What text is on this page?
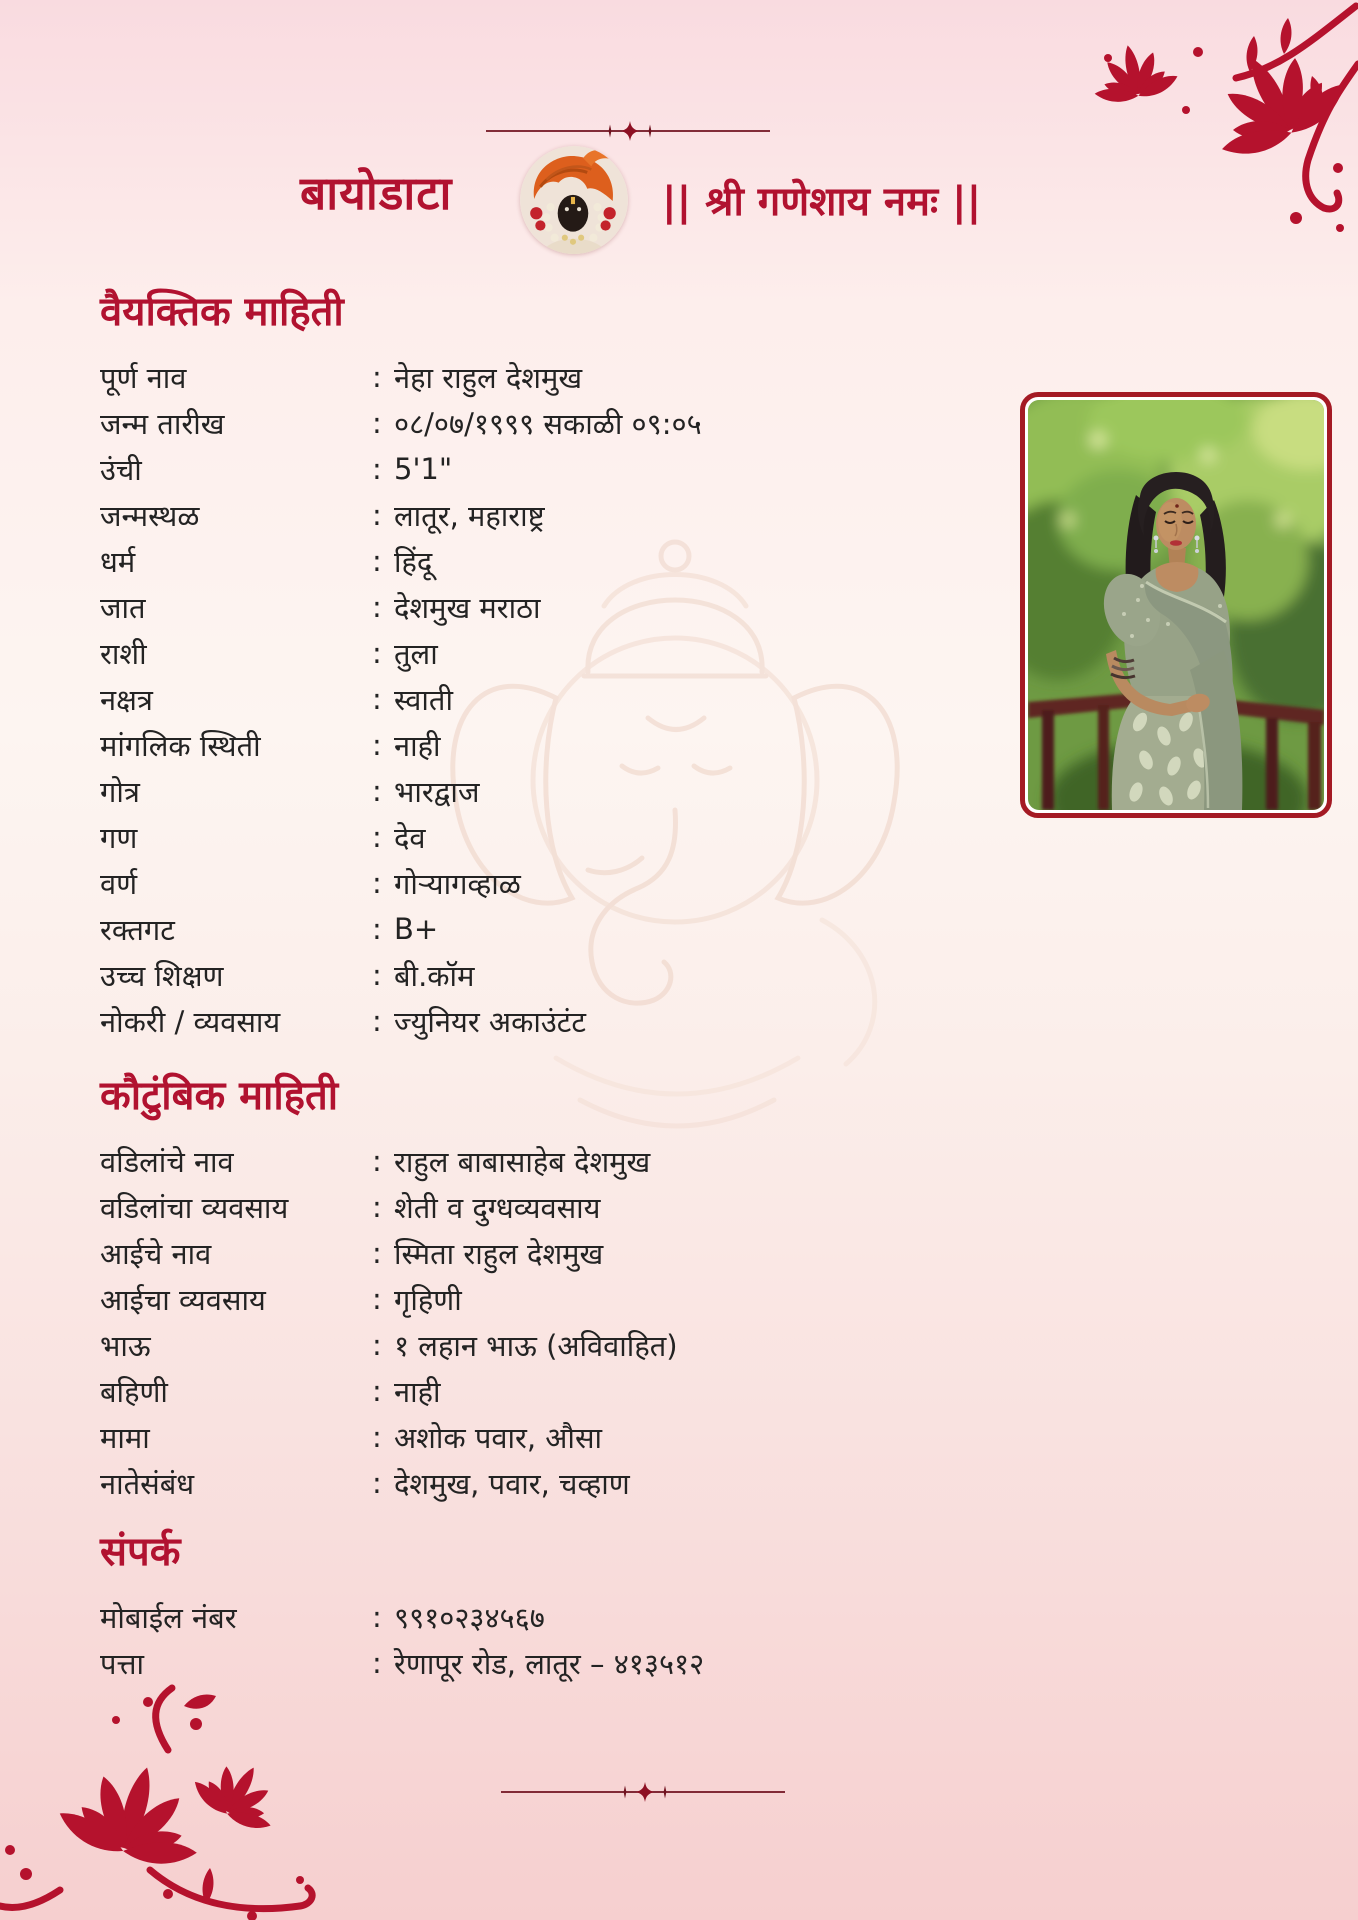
बायोडाटा	|| श्री गणेशाय नमः ||
वैयक्तिक माहिती
पूर्ण नाव	: नेहा राहुल देशमुख
जन्म तारीख	: ०८/०७/१९९९ सकाळी ०९:०५
उंची	: 5'1"
जन्मस्थळ	: लातूर, महाराष्ट्र
धर्म	: हिंदू
जात	: देशमुख मराठा
राशी	: तुला
नक्षत्र	: स्वाती
मांगलिक स्थिती	: नाही
गोत्र	: भारद्वाज
गण	: देव
वर्ण	: गोऱ्यागव्हाळ
रक्तगट	: B+
उच्च शिक्षण	: बी.कॉम
नोकरी / व्यवसाय	: ज्युनियर अकाउंटंट
कौटुंबिक माहिती
वडिलांचे नाव	: राहुल बाबासाहेब देशमुख
वडिलांचा व्यवसाय	: शेती व दुग्धव्यवसाय
आईचे नाव	: स्मिता राहुल देशमुख
आईचा व्यवसाय	: गृहिणी
भाऊ	: १ लहान भाऊ (अविवाहित)
बहिणी	: नाही
मामा	: अशोक पवार, औसा
नातेसंबंध	: देशमुख, पवार, चव्हाण
संपर्क
मोबाईल नंबर	: ९९१०२३४५६७
पत्ता	: रेणापूर रोड, लातूर – ४१३५१२
